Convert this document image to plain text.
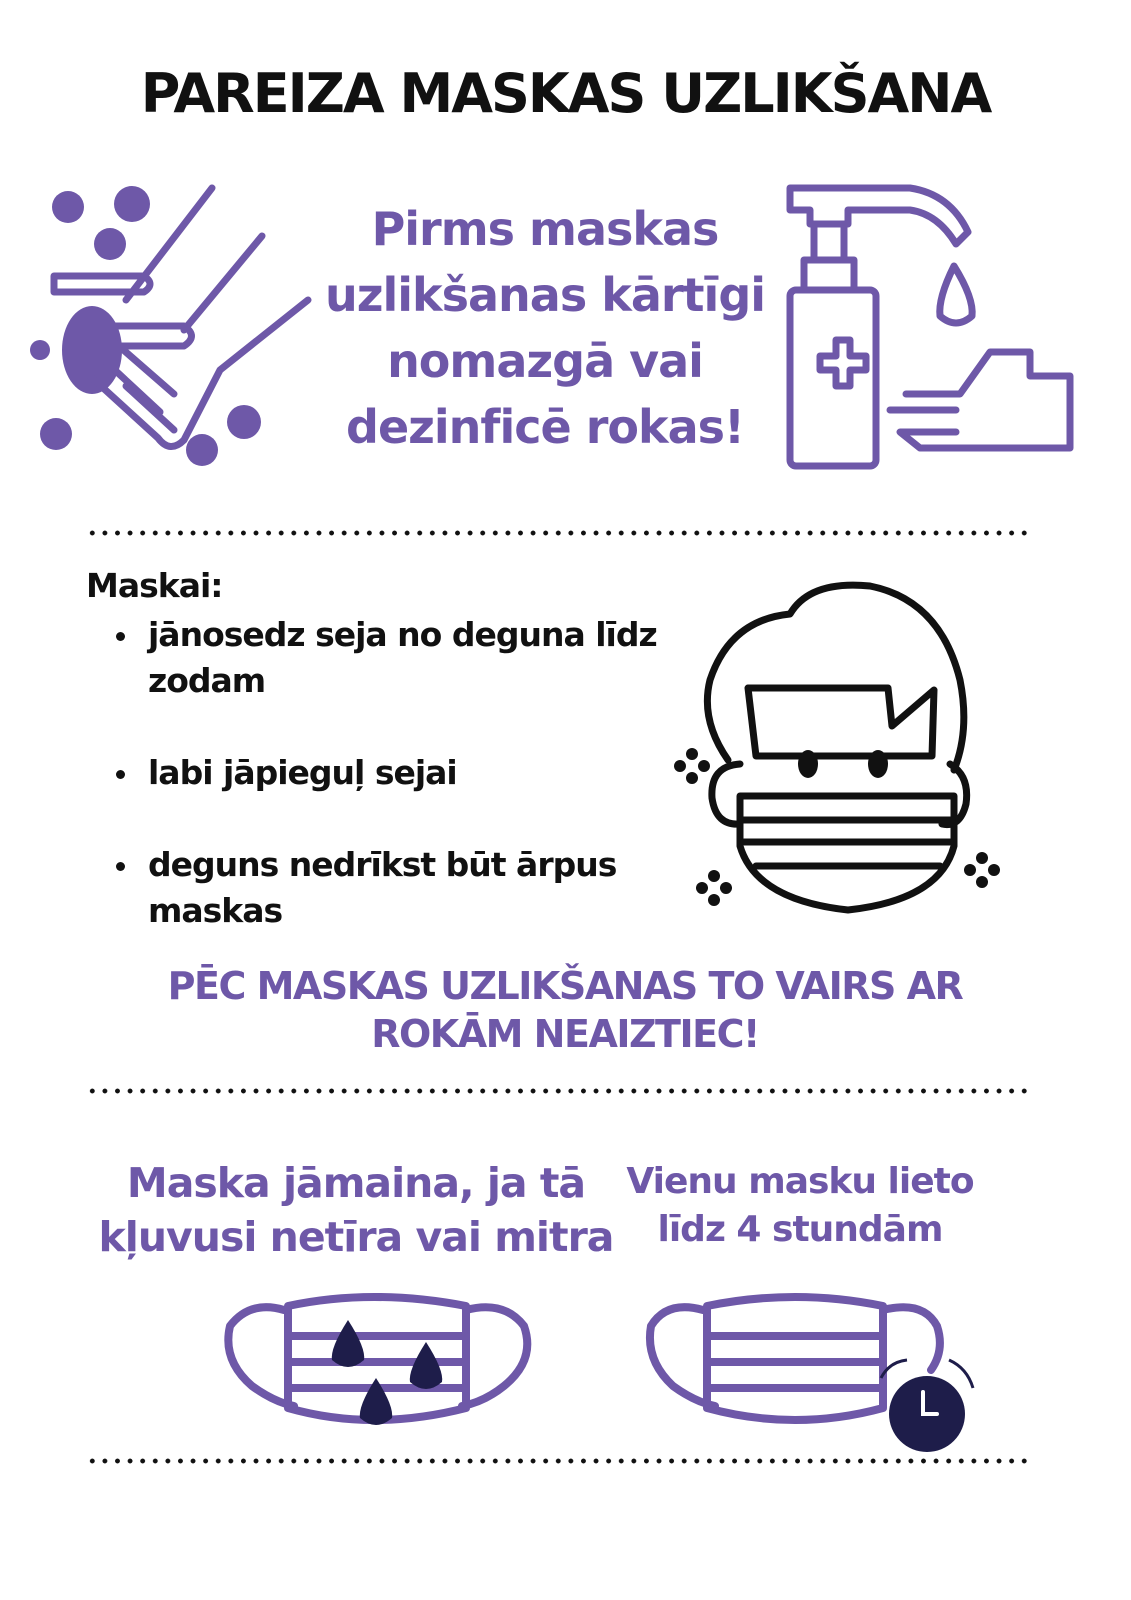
PAREIZA MASKAS UZLIKŠANA
Pirms maskas
uzlikšanas kārtīgi
nomazgā vai
dezinficē rokas!
Maskai:
jānosedz seja no deguna līdz
zodam
labi jāpieguļ sejai
deguns nedrīkst būt ārpus
maskas
PĒC MASKAS UZLIKŠANAS TO VAIRS AR
ROKĀM NEAIZTIEC!
Maska jāmaina, ja tā
kļuvusi netīra vai mitra
Vienu masku lieto
līdz 4 stundām
